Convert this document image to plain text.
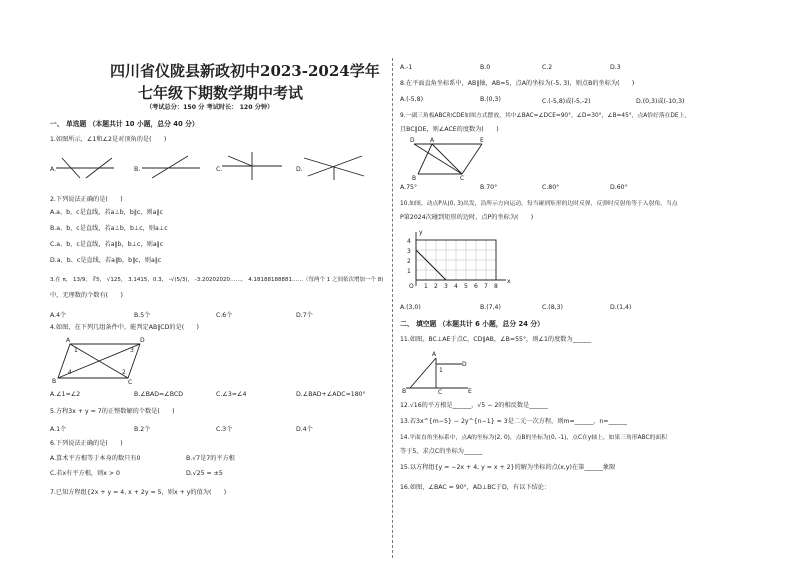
四川省仪陇县新政初中2023-2024学年
七年级下期数学期中考试
（考试总分：150 分 考试时长： 120 分钟）
一、 单选题 （本题共计 10 小题，总分 40 分）
1.如图所示，∠1和∠2是对顶角的是(　　)
A.	B.	C.	D.
2.下列说法正确的是(　　)
A.a、b、c是直线，若a⊥b，b∥c，则a∥c
B.a、b、c是直线，若a⊥b，b⊥c，则a⊥c
C.a、b、c是直线，若a∥b，b⊥c，则a∥c
D.a、b、c是直线，若a∥b，b∥c，则a∥c
3.在 π， 13/9， ∛5， √125， 3.1415，0.3， -√(5/3)， -3.20202020……， 4.18188188881……（每两个 1 之间依次增加一个 8)
中，无理数的个数有(　　)
A.4个	B.5个	C.6个	D.7个
4.如图，在下列几组条件中，能判定AB∥CD的是(　　)
A	D
B	C
1
2
3
4
A.∠1=∠2	B.∠BAD=∠BCD	C.∠3=∠4	D.∠BAD+∠ADC=180°
5.方程3x + y = 7的正整数解的个数是(　　)
A.1个	B.2个	C.3个	D.4个
6.下列说法正确的是(　　)
A.算术平方根等于本身的数只有0	B.√7是7的平方根
C.若x有平方根，则x > 0	D.√25 = ±5
7.已知方程组{2x + y = 4, x + 2y = 5，则x + y的值为(　　)
A.-1	B.0	C.2	D.3
8.在平面直角坐标系中，AB∥轴，AB=5，点A的坐标为(-5, 3)，则点B的坐标为(　　)
A.(-5,8)	B.(0,3)	C.(-5,8)或(-5,-2)	D.(0,3)或(-10,3)
9.一副三角板ABC和CDE如图方式摆放，其中∠BAC=∠DCE=90°，∠D=30°，∠B=45°，点A恰好落在DE上，
且BC∥DE，则∠ACE的度数为(　　)
D	A	E
B	C
A.75°	B.70°	C.80°	D.60°
10.如图，动点P从(0, 3)出发，沿所示方向运动，每当碰到矩形的边时反弹，反弹时反射角等于入射角，当点
P第2024次碰到矩形的边时，点P的坐标为(　　)
4
3
2
1
O 1 2 3 4 5 6 7 8
y
x
A.(3,0)	B.(7,4)	C.(8,3)	D.(1,4)
二、 填空题 （本题共计 6 小题，总分 24 分）
11.如图，BC⊥AE于点C，CD∥AB，∠B=55°，则∠1的度数为______
A
B	C
D
E
1
12.√16的平方根是______，√5 − 2的相反数是______
13.若3x^{m−5} − 2y^{n−1} = 3是二元一次方程，则m=______，n=______
14.平面直角坐标系中，点A的坐标为(2, 0)，点B的坐标为(0, -1)，点C在y轴上，如果三角形ABC的面积
等于5，求点C的坐标为______
15.以方程组{y = −2x + 4, y = x + 2}的解为坐标的点(x,y)在第______象限
16.如图，∠BAC = 90°，AD⊥BC于D，有以下结论：
